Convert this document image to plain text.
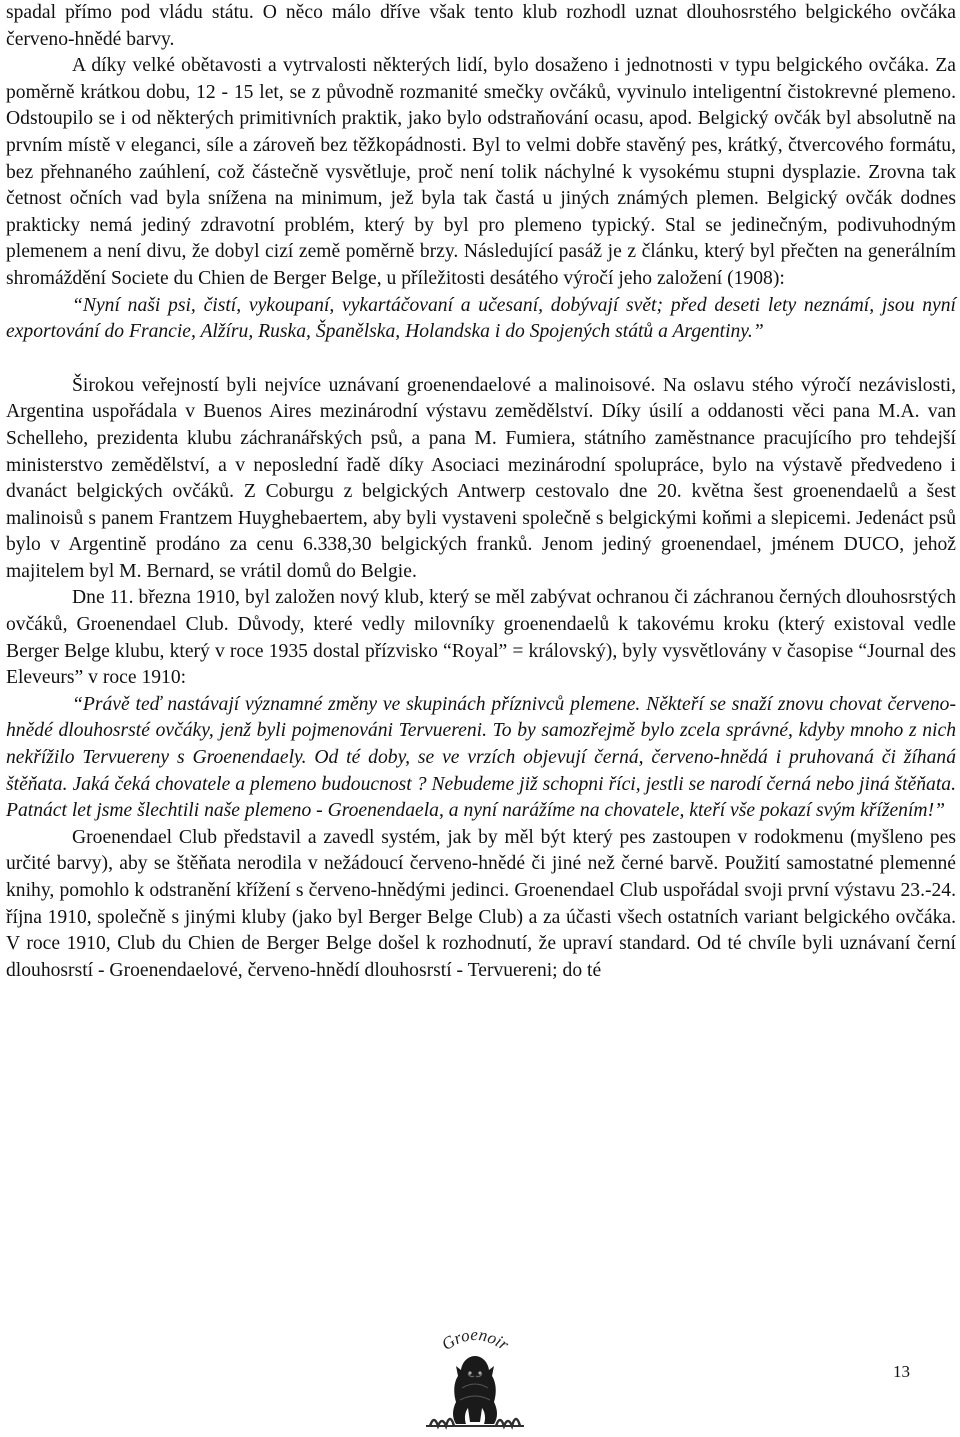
spadal přímo pod vládu státu. O něco málo dříve však tento klub rozhodl uznat dlouhosrstého belgického ovčáka červeno-hnědé barvy.

A díky velké obětavosti a vytrvalosti některých lidí, bylo dosaženo i jednotnosti v typu belgického ovčáka. Za poměrně krátkou dobu, 12 - 15 let, se z původně rozmanité smečky ovčáků, vyvinulo inteligentní čistokrevné plemeno. Odstoupilo se i od některých primitivních praktik, jako bylo odstraňování ocasu, apod. Belgický ovčák byl absolutně na prvním místě v eleganci, síle a zároveň bez těžkopádnosti. Byl to velmi dobře stavěný pes, krátký, čtvercového formátu, bez přehnaného zaúhlení, což částečně vysvětluje, proč není tolik náchylné k vysokému stupni dysplazie. Zrovna tak četnost očních vad byla snížena na minimum, jež byla tak častá u jiných známých plemen. Belgický ovčák dodnes prakticky nemá jediný zdravotní problém, který by byl pro plemeno typický. Stal se jedinečným, podivuhodným plemenem a není divu, že dobyl cizí země poměrně brzy. Následující pasáž je z článku, který byl přečten na generálním shromáždění Societe du Chien de Berger Belge, u příležitosti desátého výročí jeho založení (1908):

“Nyní naši psi, čistí, vykoupaní, vykartáčovaní a učesaní, dobývají svět; před deseti lety neznámí, jsou nyní exportování do Francie, Alžíru, Ruska, Španělska, Holandska i do Spojených států a Argentiny.”

Širokou veřejností byli nejvíce uznávaní groenendaelové a malinoisové. Na oslavu stého výročí nezávislosti, Argentina uspořádala v Buenos Aires mezinárodní výstavu zemědělství. Díky úsilí a oddanosti věci pana M.A. van Schelleho, prezidenta klubu záchranářských psů, a pana M. Fumiera, státního zaměstnance pracujícího pro tehdejší ministerstvo zemědělství, a v neposlední řadě díky Asociaci mezinárodní spolupráce, bylo na výstavě předvedeno i dvanáct belgických ovčáků. Z Coburgu z belgických Antwerp cestovalo dne 20. května šest groenendaelů a šest malinoisů s panem Frantzem Huyghebaertem, aby byli vystaveni společně s belgickými koňmi a slepicemi. Jedenáct psů bylo v Argentině prodáno za cenu 6.338,30 belgických franků. Jenom jediný groenendael, jménem DUCO, jehož majitelem byl M. Bernard, se vrátil domů do Belgie.

Dne 11. března 1910, byl založen nový klub, který se měl zabývat ochranou či záchranou černých dlouhosrstých ovčáků, Groenendael Club. Důvody, které vedly milovníky groenendaelů k takovému kroku (který existoval vedle Berger Belge klubu, který v roce 1935 dostal přízvisko “Royal” = královský), byly vysvětlovány v časopise “Journal des Eleveurs” v roce 1910:

“Právě teď nastávají významné změny ve skupinách příznivců plemene. Někteří se snaží znovu chovat červeno-hnědé dlouhosrsté ovčáky, jenž byli pojmenováni Tervuereni. To by samozřejmě bylo zcela správné, kdyby mnoho z nich nekřížilo Tervuereny s Groenendaely. Od té doby, se ve vrzích objevují černá, červeno-hnědá i pruhovaná či žíhaná štěňata. Jaká čeká chovatele a plemeno budoucnost ? Nebudeme již schopni říci, jestli se narodí černá nebo jiná štěňata. Patnáct let jsme šlechtili naše plemeno - Groenendaela, a nyní narážíme na chovatele, kteří vše pokazí svým křížením!”

Groenendael Club představil a zavedl systém, jak by měl být který pes zastoupen v rodokmenu (myšleno pes určité barvy), aby se štěňata nerodila v nežádoucí červeno-hnědé či jiné než černé barvě. Použití samostatné plemenné knihy, pomohlo k odstranění křížení s červeno-hnědými jedinci. Groenendael Club uspořádal svoji první výstavu 23.-24. října 1910, společně s jinými kluby (jako byl Berger Belge Club) a za účasti všech ostatních variant belgického ovčáka. V roce 1910, Club du Chien de Berger Belge došel k rozhodnutí, že upraví standard. Od té chvíle byli uznávaní černí dlouhosrstí - Groenendaelové, červeno-hnědí dlouhosrstí - Tervuereni; do té

Groenoir
13
